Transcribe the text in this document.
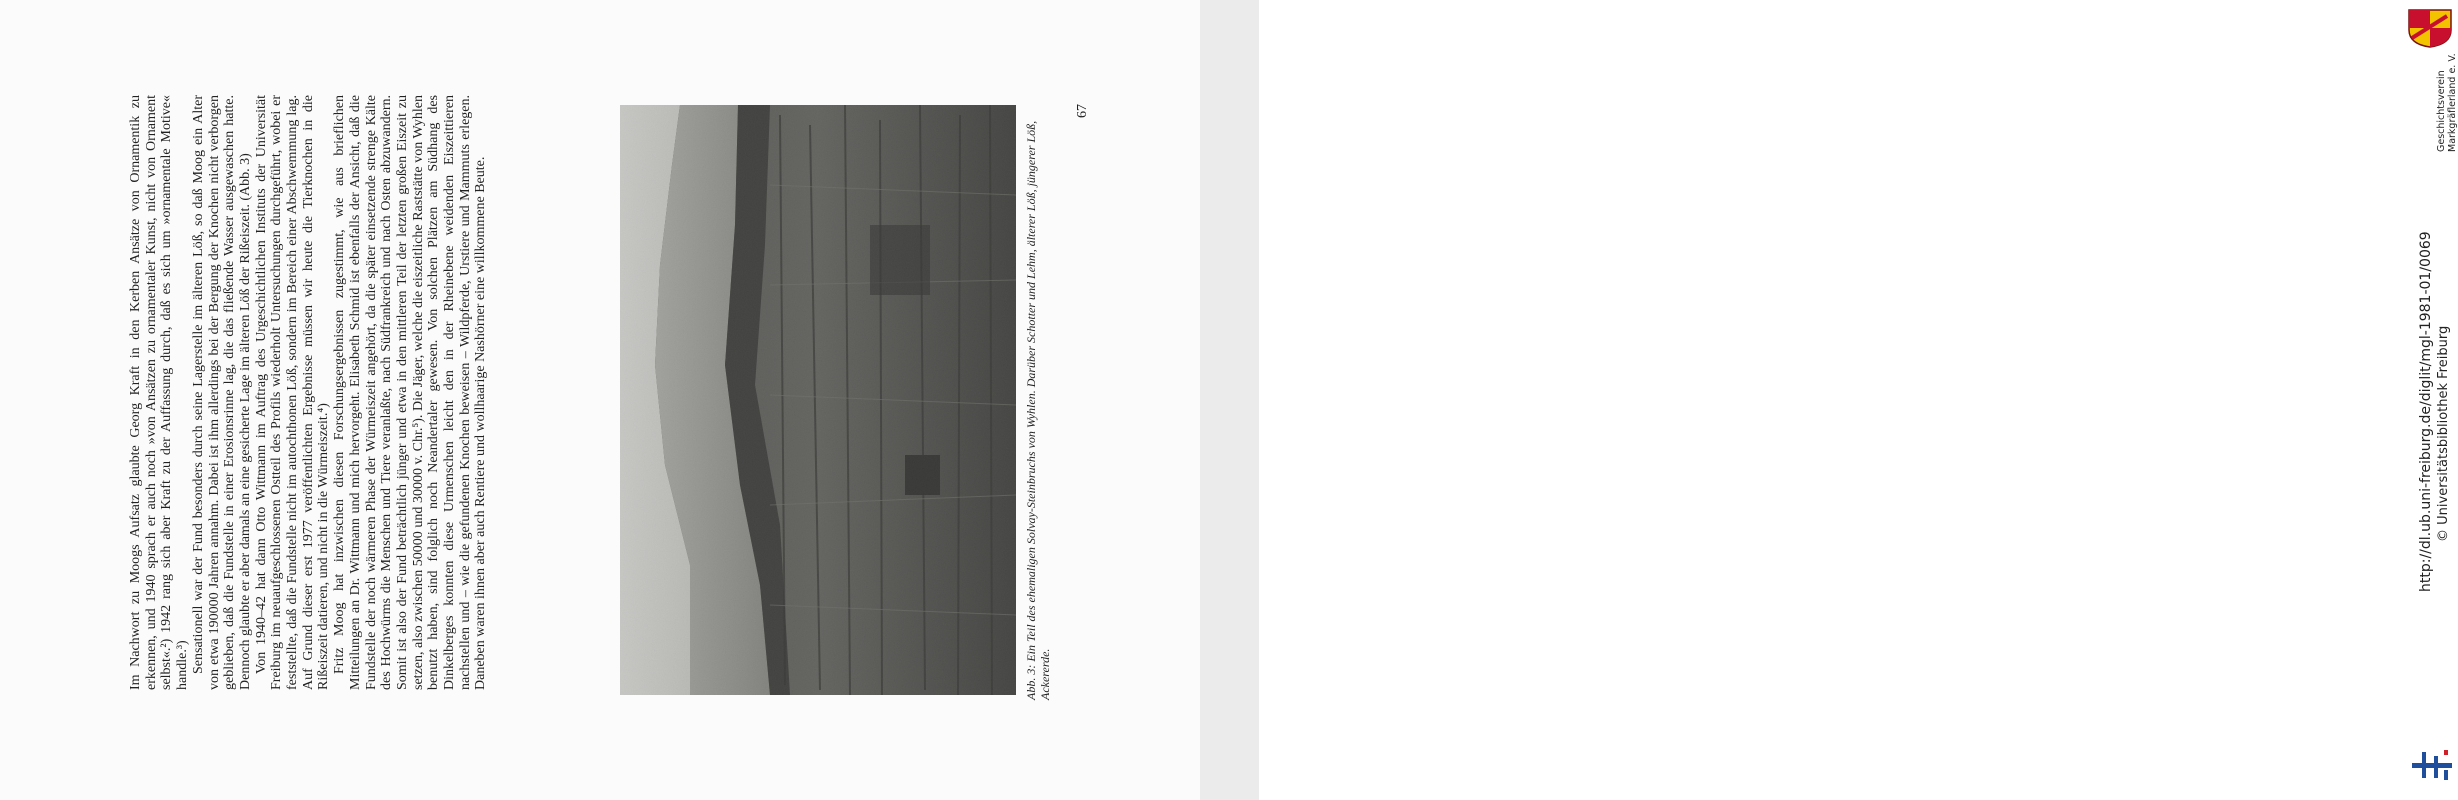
Im Nachwort zu Moogs Aufsatz glaubte Georg Kraft in den Kerben Ansätze von Ornamentik zu erkennen, und 1940 sprach er auch noch »von Ansätzen zu ornamentaler Kunst, nicht von Ornament selbst«.²) 1942 rang sich aber Kraft zu der Auffassung durch, daß es sich um »ornamentale Motive« handle.³) Sensationell war der Fund besonders durch seine Lagerstelle im älteren Löß, so daß Moog ein Alter von etwa 190000 Jahren annahm. Dabei ist ihm allerdings bei der Bergung der Knochen nicht verborgen geblieben, daß die Fundstelle in einer Erosionsrinne lag, die das fließende Wasser ausgewaschen hatte. Dennoch glaubte er aber damals an eine gesicherte Lage im älteren Löß der Rißeiszeit. (Abb. 3) Von 1940–42 hat dann Otto Wittmann im Auftrag des Urgeschichtlichen Instituts der Universität Freiburg im neuaufgeschlossenen Ostteil des Profils wiederholt Untersuchungen durchgeführt, wobei er feststellte, daß die Fundstelle nicht im autochthonen Löß, sondern im Bereich einer Abschwemmung lag. Auf Grund dieser erst 1977 veröffentlichten Ergebnisse müssen wir heute die Tierknochen in die Rißeiszeit datieren, und nicht in die Würmeiszeit.⁴) Fritz Moog hat inzwischen diesen Forschungsergebnissen zugestimmt, wie aus brieflichen Mitteilungen an Dr. Wittmann und mich hervorgeht. Elisabeth Schmid ist ebenfalls der Ansicht, daß die Fundstelle der noch wärmeren Phase der Würmeiszeit angehört, da die später einsetzende strenge Kälte des Hochwürms die Menschen und Tiere veranlaßte, nach Südfrankreich und nach Osten abzuwandern. Somit ist also der Fund beträchtlich jünger und etwa in den mittleren Teil der letzten großen Eiszeit zu setzen, also zwischen 50000 und 30000 v. Chr.⁵). Die Jäger, welche die eiszeitliche Raststätte von Wyhlen benutzt haben, sind folglich noch Neandertaler gewesen. Von solchen Plätzen am Südhang des Dinkelberges konnten diese Urmenschen leicht den in der Rheinebene weidenden Eiszeittieren nachstellen und – wie die gefundenen Knochen beweisen – Wildpferde, Urstiere und Mammuts erlegen. Daneben waren ihnen aber auch Rentiere und wollhaarige Nashörner eine willkommene Beute.	Abb. 3: Ein Teil des ehemaligen Solvay-Steinbruchs von Wyhlen. Darüber Schotter und Lehm, älterer Löß, jüngerer Löß, Ackererde.
67
http://dl.ub.uni-freiburg.de/diglit/mgl-1981-01/0069 © Universitätsbibliothek Freiburg
Geschichtsverein Markgräflerland e. V.
